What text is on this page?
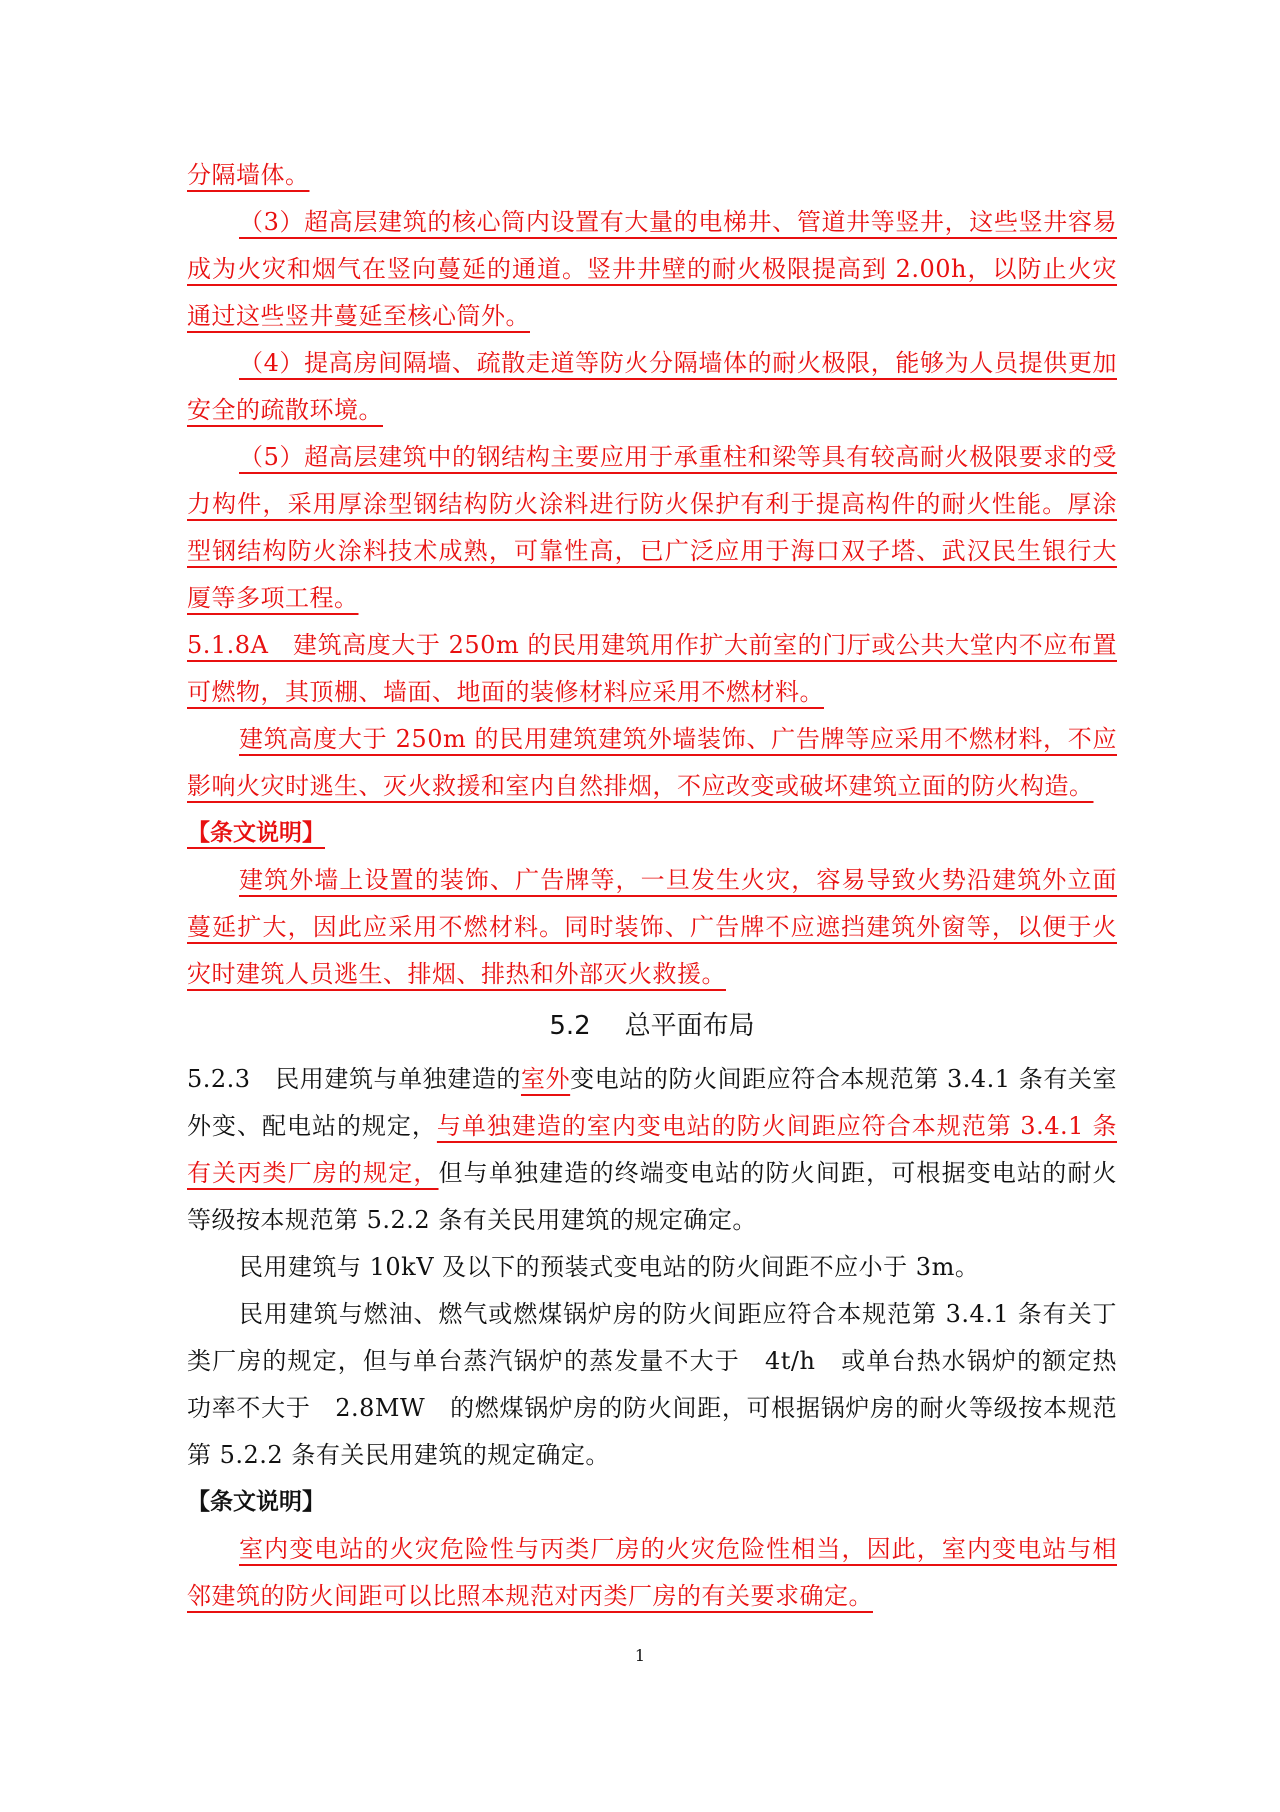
分隔墙体。

（3）超高层建筑的核心筒内设置有大量的电梯井、管道井等竖井，这些竖井容易成为火灾和烟气在竖向蔓延的通道。竖井井壁的耐火极限提高到 2.00h，以防止火灾通过这些竖井蔓延至核心筒外。

（4）提高房间隔墙、疏散走道等防火分隔墙体的耐火极限，能够为人员提供更加安全的疏散环境。

（5）超高层建筑中的钢结构主要应用于承重柱和梁等具有较高耐火极限要求的受力构件，采用厚涂型钢结构防火涂料进行防火保护有利于提高构件的耐火性能。厚涂型钢结构防火涂料技术成熟，可靠性高，已广泛应用于海口双子塔、武汉民生银行大厦等多项工程。

5.1.8A　建筑高度大于 250m 的民用建筑用作扩大前室的门厅或公共大堂内不应布置可燃物，其顶棚、墙面、地面的装修材料应采用不燃材料。

建筑高度大于 250m 的民用建筑建筑外墙装饰、广告牌等应采用不燃材料，不应影响火灾时逃生、灭火救援和室内自然排烟，不应改变或破坏建筑立面的防火构造。

【条文说明】

建筑外墙上设置的装饰、广告牌等，一旦发生火灾，容易导致火势沿建筑外立面蔓延扩大，因此应采用不燃材料。同时装饰、广告牌不应遮挡建筑外窗等，以便于火灾时建筑人员逃生、排烟、排热和外部灭火救援。

5.2 总平面布局

5.2.3　民用建筑与单独建造的室外变电站的防火间距应符合本规范第 3.4.1 条有关室外变、配电站的规定，与单独建造的室内变电站的防火间距应符合本规范第 3.4.1 条有关丙类厂房的规定，但与单独建造的终端变电站的防火间距，可根据变电站的耐火等级按本规范第 5.2.2 条有关民用建筑的规定确定。

民用建筑与 10kV 及以下的预装式变电站的防火间距不应小于 3m。

民用建筑与燃油、燃气或燃煤锅炉房的防火间距应符合本规范第 3.4.1 条有关丁类厂房的规定，但与单台蒸汽锅炉的蒸发量不大于　4t/h　或单台热水锅炉的额定热功率不大于　2.8MW　的燃煤锅炉房的防火间距，可根据锅炉房的耐火等级按本规范第 5.2.2 条有关民用建筑的规定确定。

【条文说明】

室内变电站的火灾危险性与丙类厂房的火灾危险性相当，因此，室内变电站与相邻建筑的防火间距可以比照本规范对丙类厂房的有关要求确定。

1
